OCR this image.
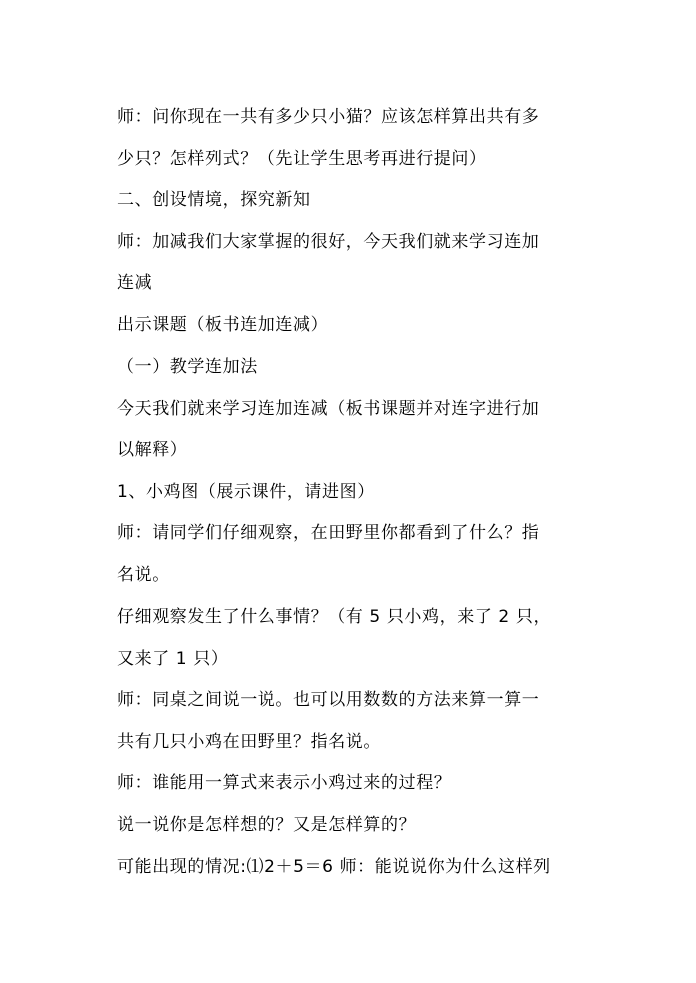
师：问你现在一共有多少只小猫？应该怎样算出共有多
少只？怎样列式？（先让学生思考再进行提问）
二、创设情境，探究新知
师：加减我们大家掌握的很好，今天我们就来学习连加
连减
出示课题（板书连加连减）
（一）教学连加法
今天我们就来学习连加连减（板书课题并对连字进行加
以解释）
1、小鸡图（展示课件，请进图）
师：请同学们仔细观察，在田野里你都看到了什么？指
名说。
仔细观察发生了什么事情？（有 5 只小鸡，来了 2 只，
又来了 1 只）
师：同桌之间说一说。也可以用数数的方法来算一算一
共有几只小鸡在田野里？指名说。
师：谁能用一算式来表示小鸡过来的过程？
说一说你是怎样想的？又是怎样算的？
可能出现的情况:⑴2＋5＝6 师：能说说你为什么这样列
